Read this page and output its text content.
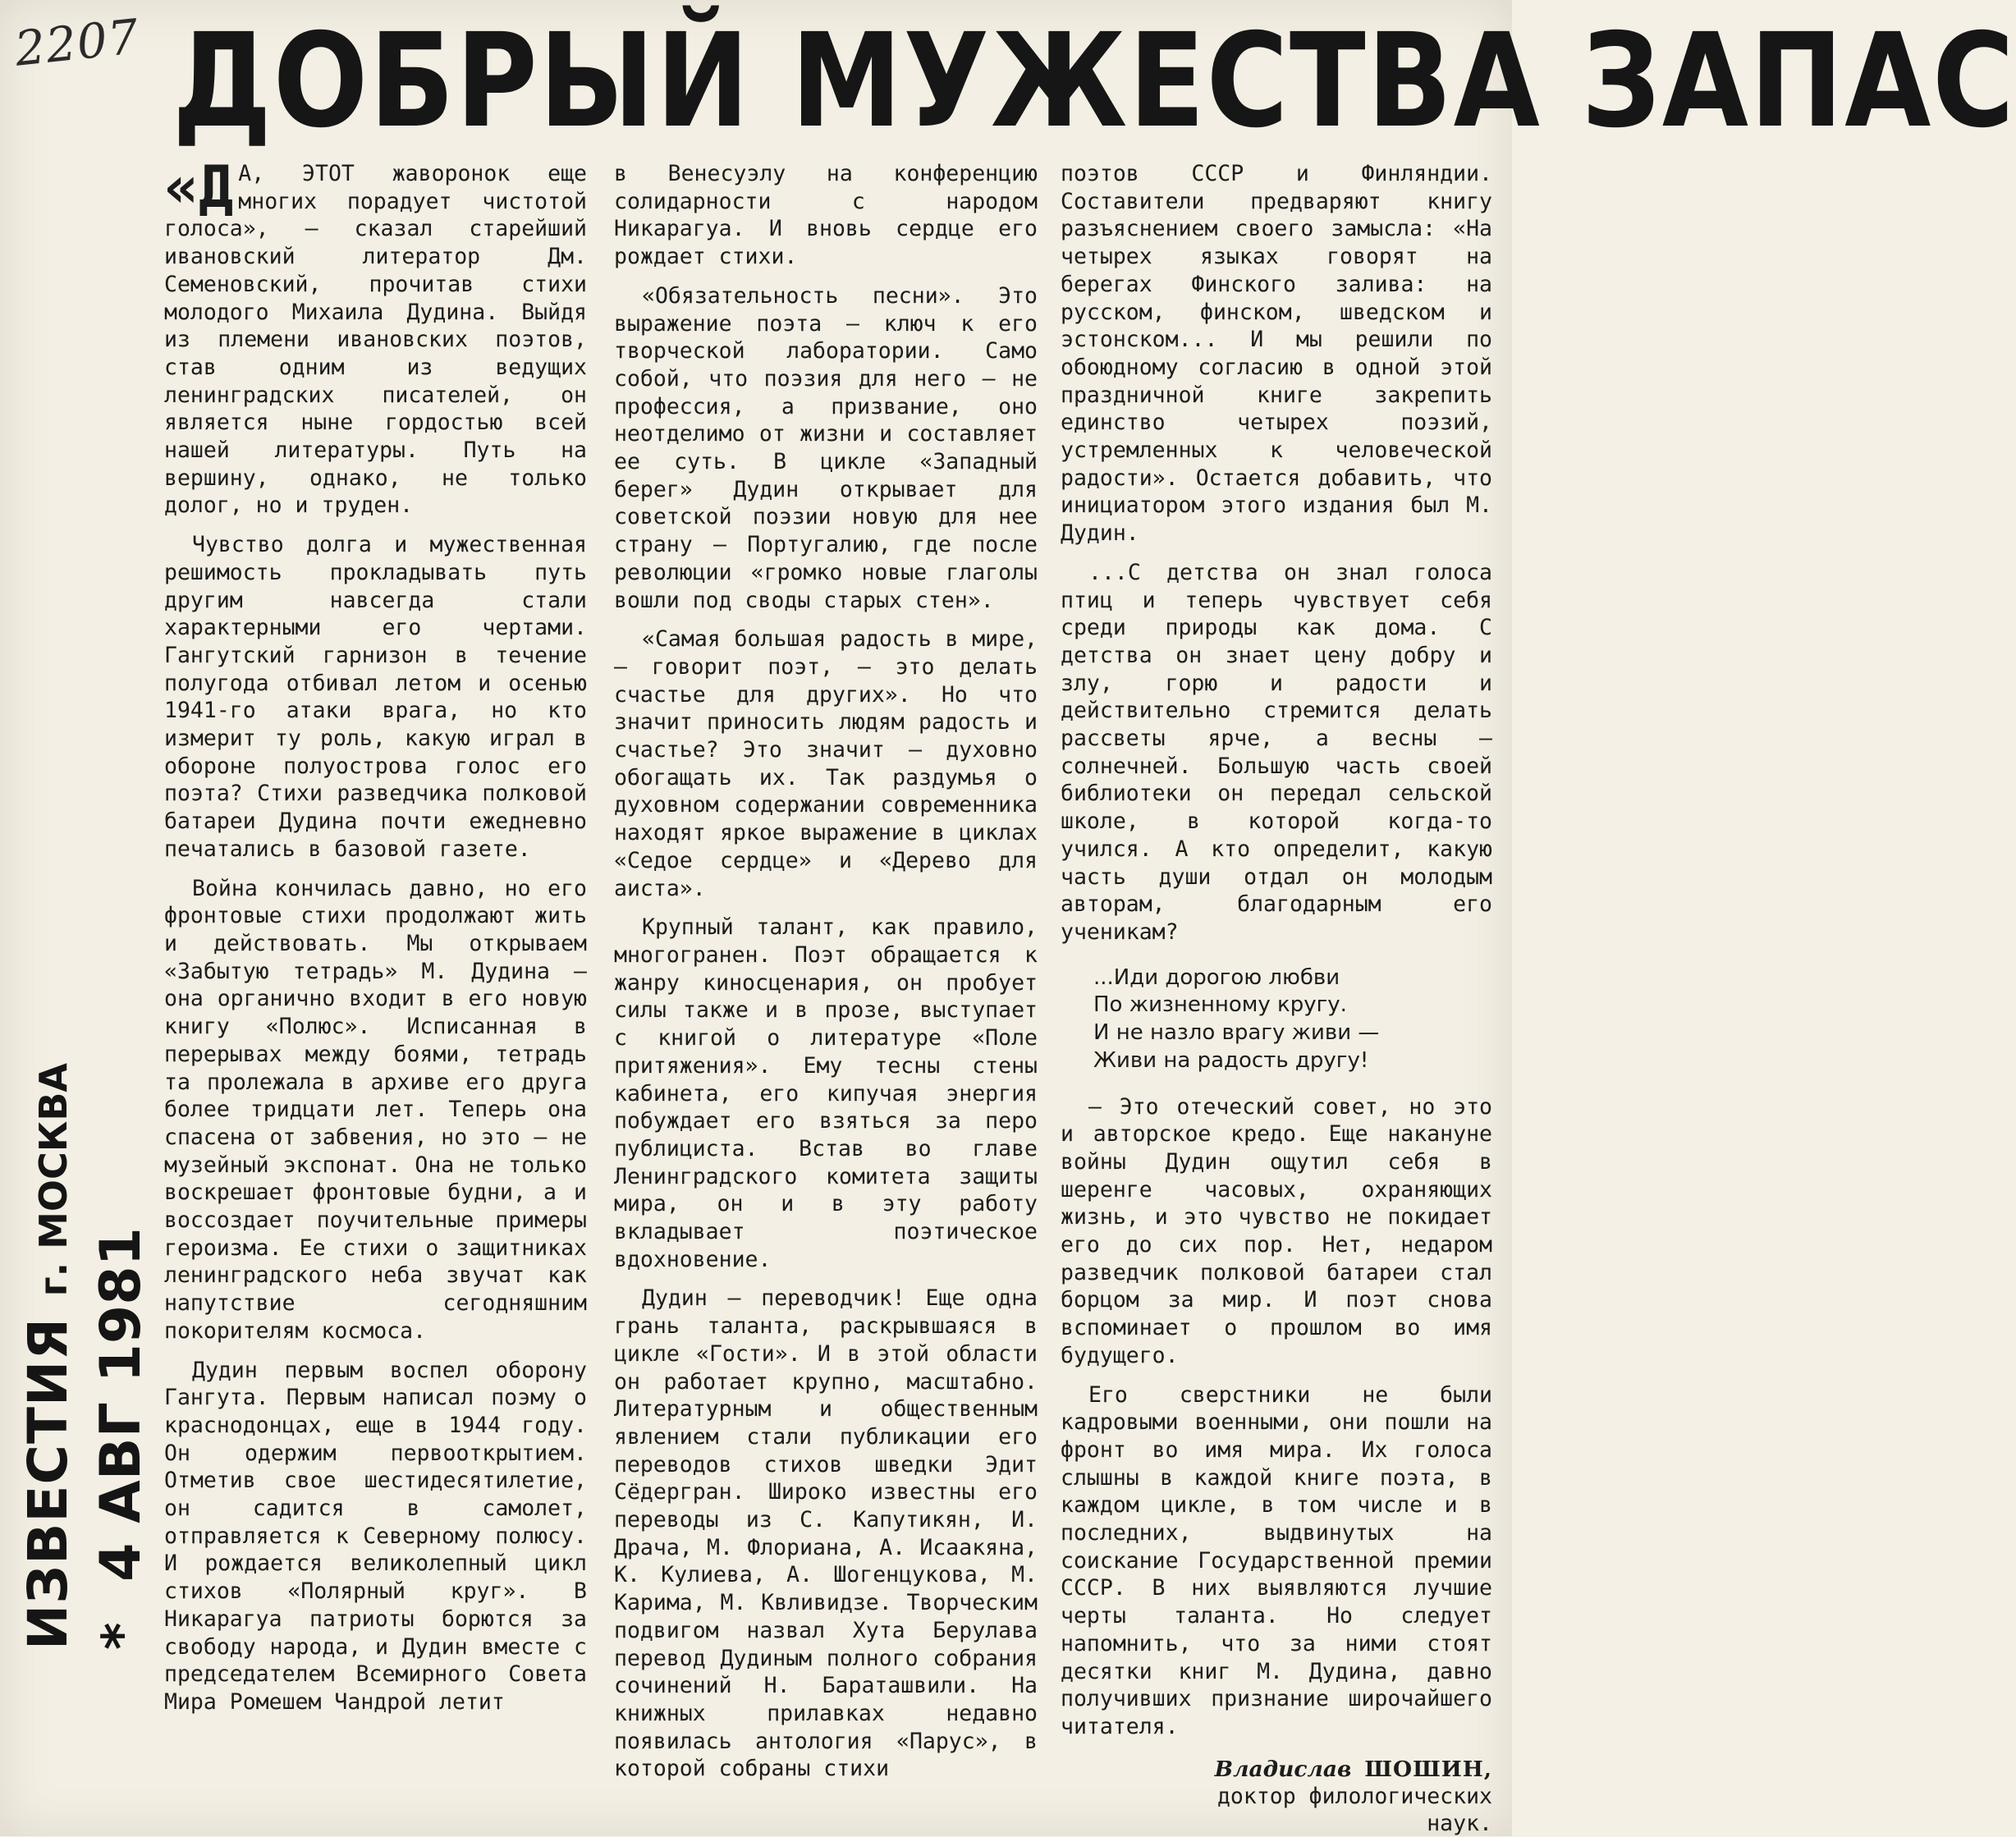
2207 ДОБРЫЙ МУЖЕСТВА ЗАПАС
ИЗВЕСТИЯ г. МОСКВА
* 4 АВГ 1981

«Д А, ЭТОТ жаворонок еще многих порадует чистотой голоса», — сказал старейший ивановский литератор Дм. Семеновский, прочитав стихи молодого Михаила Дудина. Выйдя из племени ивановских поэтов, став одним из ведущих ленинградских писателей, он является ныне гордостью всей нашей литературы. Путь на вершину, однако, не только долог, но и труден.

Чувство долга и мужественная решимость прокладывать путь другим навсегда стали характерными его чертами. Гангутский гарнизон в течение полугода отбивал летом и осенью 1941-го атаки врага, но кто измерит ту роль, какую играл в обороне полуострова голос его поэта? Стихи разведчика полковой батареи Дудина почти ежедневно печатались в базовой газете.

Война кончилась давно, но его фронтовые стихи продолжают жить и действовать. Мы открываем «Забытую тетрадь» М. Дудина — она органично входит в его новую книгу «Полюс». Исписанная в перерывах между боями, тетрадь та пролежала в архиве его друга более тридцати лет. Теперь она спасена от забвения, но это — не музейный экспонат. Она не только воскрешает фронтовые будни, а и воссоздает поучительные примеры героизма. Ее стихи о защитниках ленинградского неба звучат как напутствие сегодняшним покорителям космоса.

Дудин первым воспел оборону Гангута. Первым написал поэму о краснодонцах, еще в 1944 году. Он одержим первооткрытием. Отметив свое шестидесятилетие, он садится в самолет, отправляется к Северному полюсу. И рождается великолепный цикл стихов «Полярный круг». В Никарагуа патриоты борются за свободу народа, и Дудин вместе с председателем Всемирного Совета Мира Ромешем Чандрой летит

в Венесуэлу на конференцию солидарности с народом Никарагуа. И вновь сердце его рождает стихи.

«Обязательность песни». Это выражение поэта — ключ к его творческой лаборатории. Само собой, что поэзия для него — не профессия, а призвание, оно неотделимо от жизни и составляет ее суть. В цикле «Западный берег» Дудин открывает для советской поэзии новую для нее страну — Португалию, где после революции «громко новые глаголы вошли под своды старых стен».

«Самая большая радость в мире, — говорит поэт, — это делать счастье для других». Но что значит приносить людям радость и счастье? Это значит — духовно обогащать их. Так раздумья о духовном содержании современника находят яркое выражение в циклах «Седое сердце» и «Дерево для аиста».

Крупный талант, как правило, многогранен. Поэт обращается к жанру киносценария, он пробует силы также и в прозе, выступает с книгой о литературе «Поле притяжения». Ему тесны стены кабинета, его кипучая энергия побуждает его взяться за перо публициста. Встав во главе Ленинградского комитета защиты мира, он и в эту работу вкладывает поэтическое вдохновение.

Дудин — переводчик! Еще одна грань таланта, раскрывшаяся в цикле «Гости». И в этой области он работает крупно, масштабно. Литературным и общественным явлением стали публикации его переводов стихов шведки Эдит Сёдергран. Широко известны его переводы из С. Капутикян, И. Драча, М. Флориана, А. Исаакяна, К. Кулиева, А. Шогенцукова, М. Карима, М. Квливидзе. Творческим подвигом назвал Хута Берулава перевод Дудиным полного собрания сочинений Н. Бараташвили. На книжных прилавках недавно появилась антология «Парус», в которой собраны стихи

поэтов СССР и Финляндии. Составители предваряют книгу разъяснением своего замысла: «На четырех языках говорят на берегах Финского залива: на русском, финском, шведском и эстонском... И мы решили по обоюдному согласию в одной этой праздничной книге закрепить единство четырех поэзий, устремленных к человеческой радости». Остается добавить, что инициатором этого издания был М. Дудин.

...С детства он знал голоса птиц и теперь чувствует себя среди природы как дома. С детства он знает цену добру и злу, горю и радости и действительно стремится делать рассветы ярче, а весны — солнечней. Большую часть своей библиотеки он передал сельской школе, в которой когда-то учился. А кто определит, какую часть души отдал он молодым авторам, благодарным его ученикам?

...Иди дорогою любви
По жизненному кругу.
И не назло врагу живи —
Живи на радость другу!

— Это отеческий совет, но это и авторское кредо. Еще накануне войны Дудин ощутил себя в шеренге часовых, охраняющих жизнь, и это чувство не покидает его до сих пор. Нет, недаром разведчик полковой батареи стал борцом за мир. И поэт снова вспоминает о прошлом во имя будущего.

Его сверстники не были кадровыми военными, они пошли на фронт во имя мира. Их голоса слышны в каждой книге поэта, в каждом цикле, в том числе и в последних, выдвинутых на соискание Государственной премии СССР. В них выявляются лучшие черты таланта. Но следует напомнить, что за ними стоят десятки книг М. Дудина, давно получивших признание широчайшего читателя.

Владислав ШОШИН,
доктор филологических
наук.
